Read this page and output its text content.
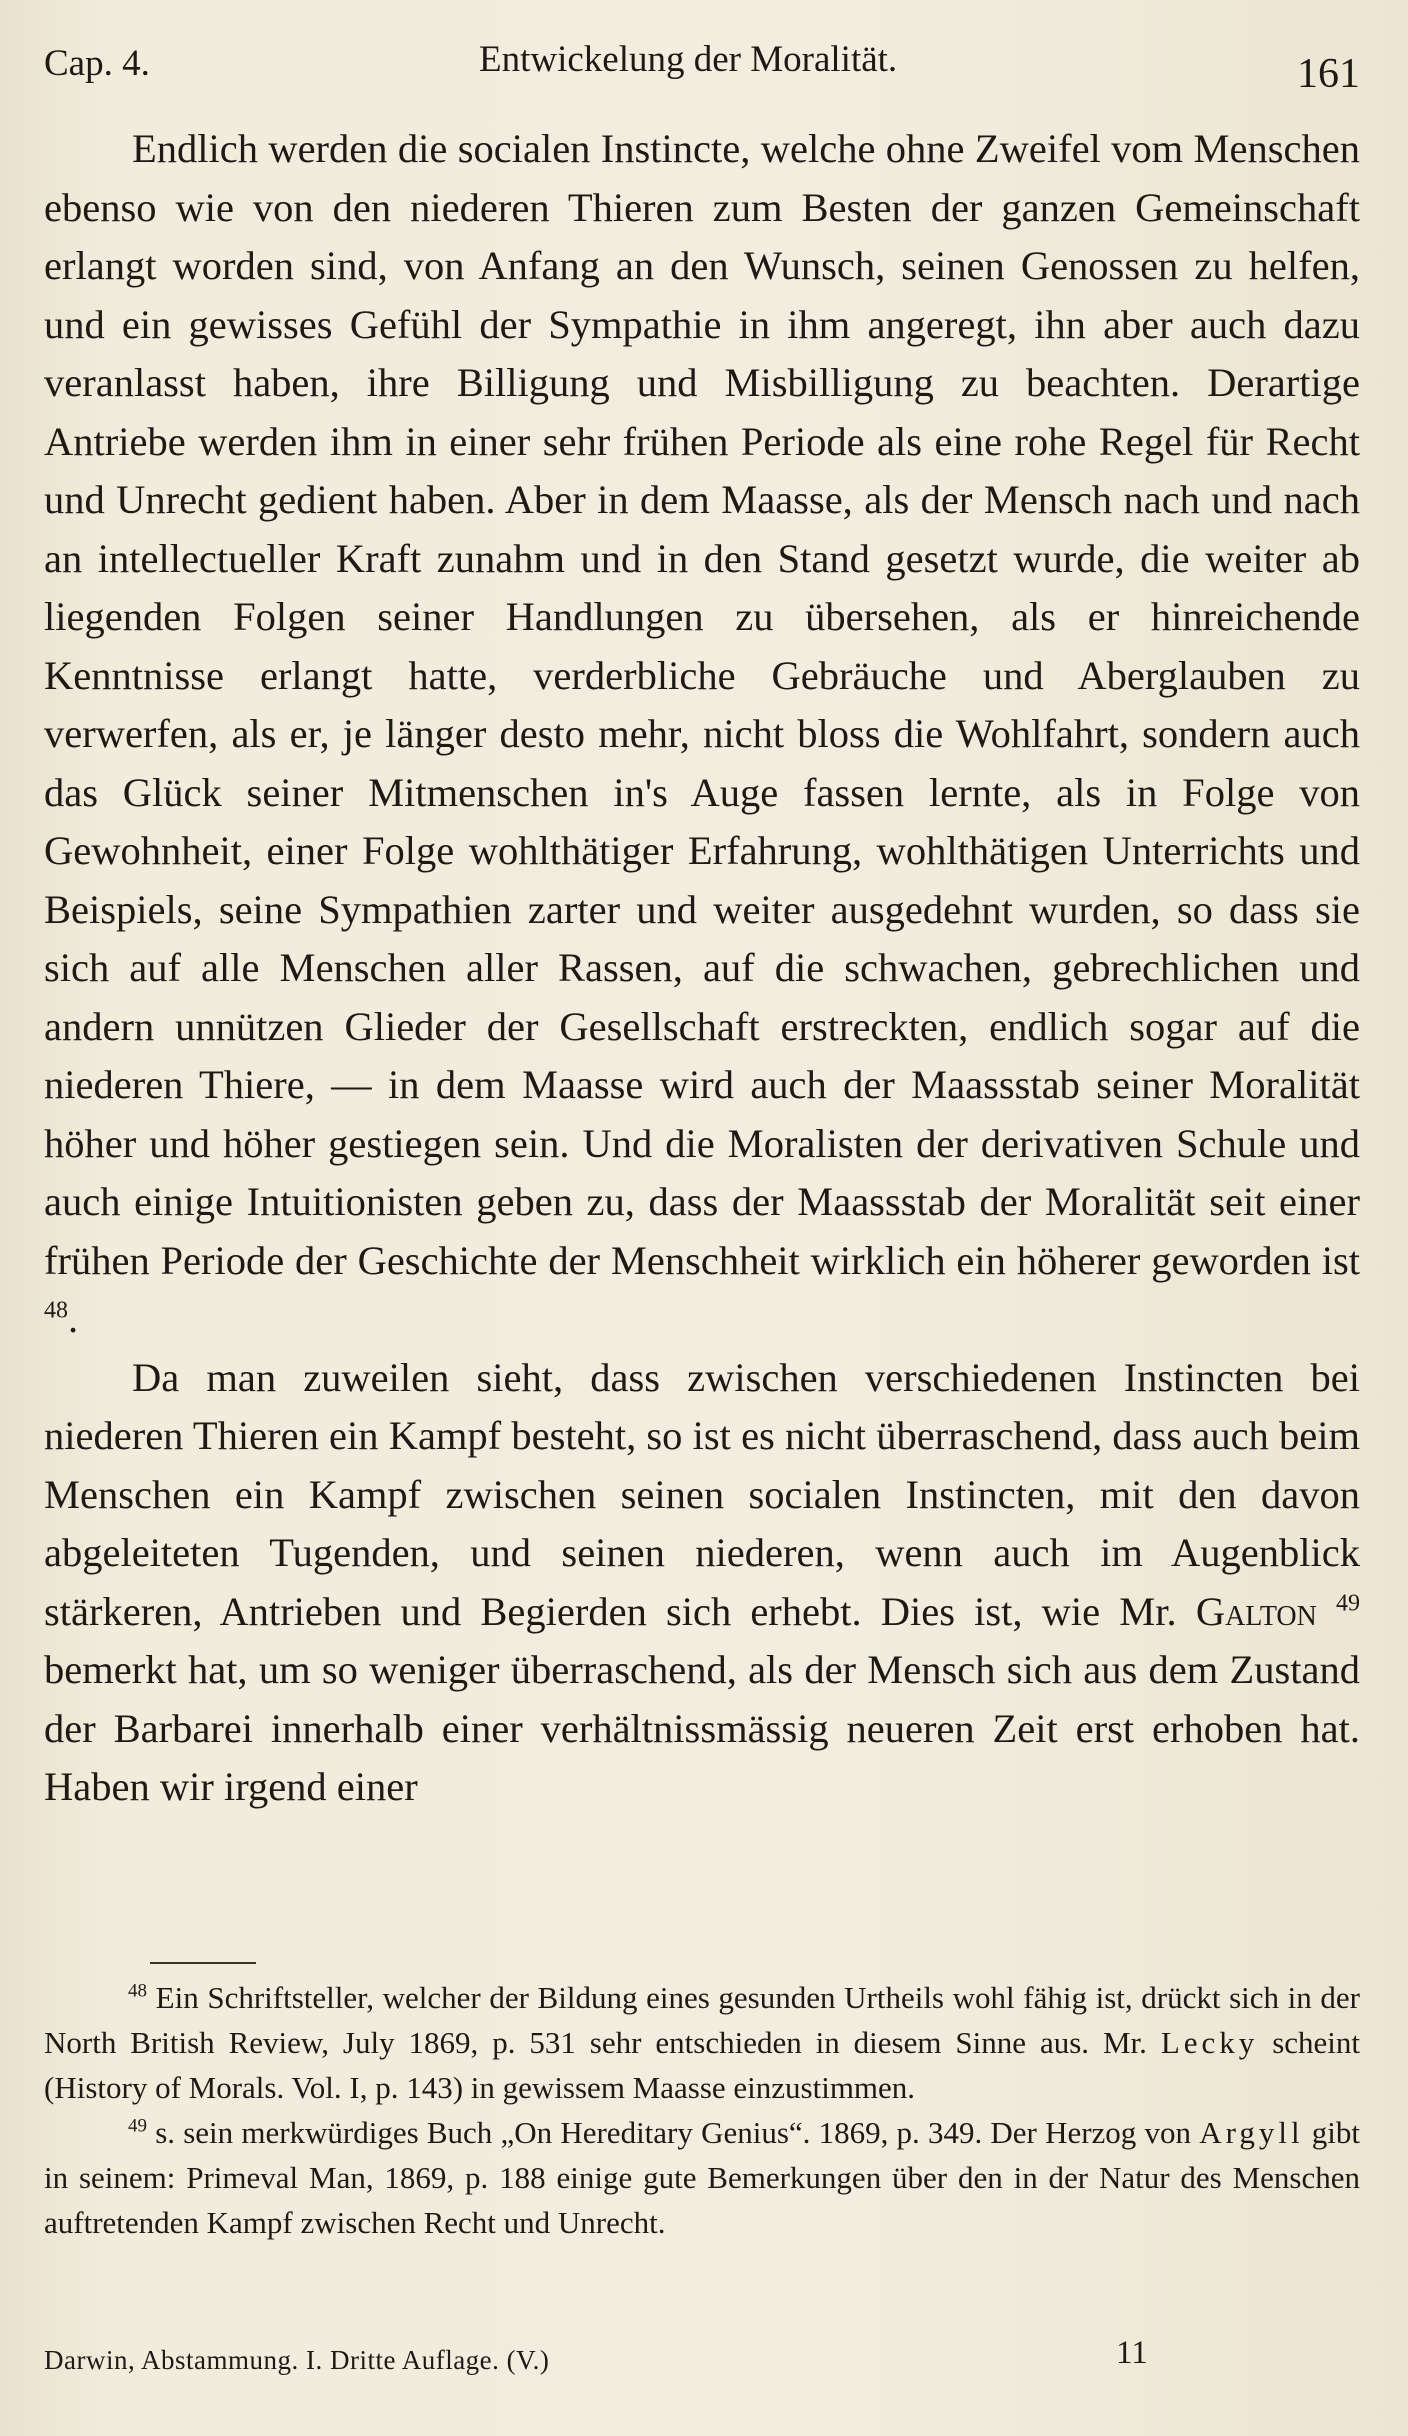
Cap. 4.	Entwickelung der Moralität.	161

Endlich werden die socialen Instincte, welche ohne Zweifel vom Menschen ebenso wie von den niederen Thieren zum Besten der ganzen Gemeinschaft erlangt worden sind, von Anfang an den Wunsch, seinen Genossen zu helfen, und ein gewisses Gefühl der Sympathie in ihm angeregt, ihn aber auch dazu veranlasst haben, ihre Billigung und Misbilligung zu beachten. Derartige Antriebe werden ihm in einer sehr frühen Periode als eine rohe Regel für Recht und Unrecht gedient haben. Aber in dem Maasse, als der Mensch nach und nach an intellectueller Kraft zunahm und in den Stand gesetzt wurde, die weiter ab liegenden Folgen seiner Handlungen zu übersehen, als er hinreichende Kenntnisse erlangt hatte, verderbliche Gebräuche und Aberglauben zu verwerfen, als er, je länger desto mehr, nicht bloss die Wohlfahrt, sondern auch das Glück seiner Mitmenschen in's Auge fassen lernte, als in Folge von Gewohnheit, einer Folge wohlthätiger Erfahrung, wohlthätigen Unterrichts und Beispiels, seine Sympathien zarter und weiter ausgedehnt wurden, so dass sie sich auf alle Menschen aller Rassen, auf die schwachen, gebrechlichen und andern unnützen Glieder der Gesellschaft erstreckten, endlich sogar auf die niederen Thiere, — in dem Maasse wird auch der Maassstab seiner Moralität höher und höher gestiegen sein. Und die Moralisten der derivativen Schule und auch einige Intuitionisten geben zu, dass der Maassstab der Moralität seit einer frühen Periode der Geschichte der Menschheit wirklich ein höherer geworden ist $^{48}$.

Da man zuweilen sieht, dass zwischen verschiedenen Instincten bei niederen Thieren ein Kampf besteht, so ist es nicht überraschend, dass auch beim Menschen ein Kampf zwischen seinen socialen Instincten, mit den davon abgeleiteten Tugenden, und seinen niederen, wenn auch im Augenblick stärkeren, Antrieben und Begierden sich erhebt. Dies ist, wie Mr. Galton $^{49}$ bemerkt hat, um so weniger überraschend, als der Mensch sich aus dem Zustand der Barbarei innerhalb einer verhältnissmässig neueren Zeit erst erhoben hat. Haben wir irgend einer

$^{48}$ Ein Schriftsteller, welcher der Bildung eines gesunden Urtheils wohl fähig ist, drückt sich in der North British Review, July 1869, p. 531 sehr entschieden in diesem Sinne aus. Mr. Lecky scheint (History of Morals. Vol. I, p. 143) in gewissem Maasse einzustimmen.

$^{49}$ s. sein merkwürdiges Buch „On Hereditary Genius“. 1869, p. 349. Der Herzog von Argyll gibt in seinem: Primeval Man, 1869, p. 188 einige gute Bemerkungen über den in der Natur des Menschen auftretenden Kampf zwischen Recht und Unrecht.

Darwin, Abstammung. I. Dritte Auflage. (V.)	11
